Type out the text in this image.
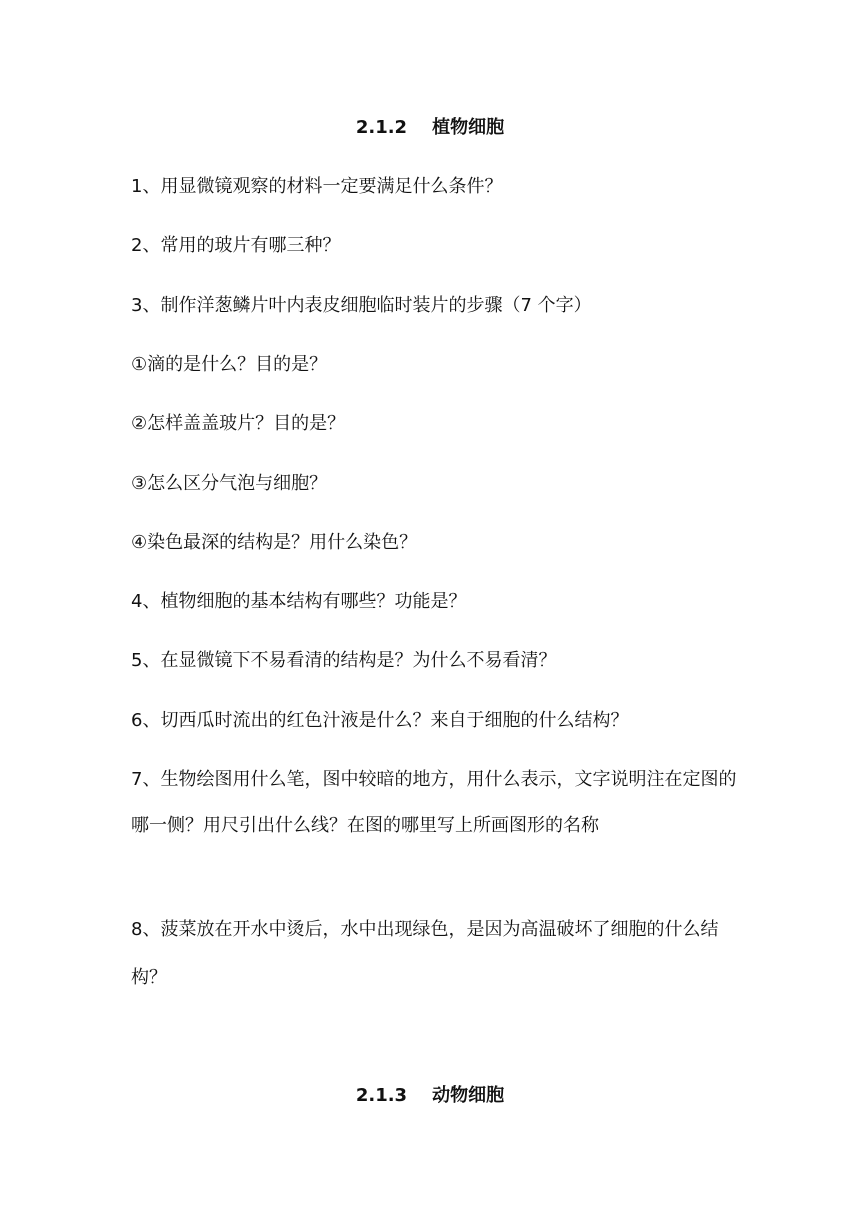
2.1.2    植物细胞
1、用显微镜观察的材料一定要满足什么条件？
2、常用的玻片有哪三种？
3、制作洋葱鳞片叶内表皮细胞临时装片的步骤（7 个字）
①滴的是什么？目的是？
②怎样盖盖玻片？目的是？
③怎么区分气泡与细胞？
④染色最深的结构是？用什么染色？
4、植物细胞的基本结构有哪些？功能是？
5、在显微镜下不易看清的结构是？为什么不易看清？
6、切西瓜时流出的红色汁液是什么？来自于细胞的什么结构？
7、生物绘图用什么笔，图中较暗的地方，用什么表示，文字说明注在定图的哪一侧？用尺引出什么线？在图的哪里写上所画图形的名称
8、菠菜放在开水中烫后，水中出现绿色，是因为高温破坏了细胞的什么结构？
2.1.3    动物细胞
